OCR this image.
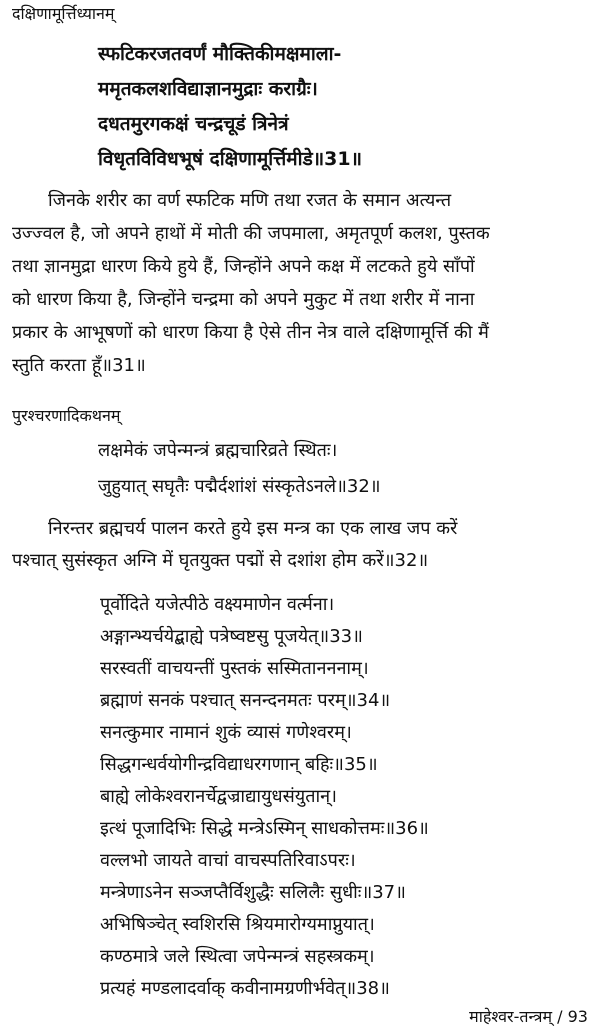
दक्षिणामूर्त्तिध्यानम्
स्फटिकरजतवर्णं मौक्तिकीमक्षमाला-
ममृतकलशविद्याज्ञानमुद्राः कराग्रैः।
दधतमुरगकक्षं चन्द्रचूडं त्रिनेत्रं
विधृतविविधभूषं दक्षिणामूर्त्तिमीडे॥31॥
जिनके शरीर का वर्ण स्फटिक मणि तथा रजत के समान अत्यन्त
उज्ज्वल है, जो अपने हाथों में मोती की जपमाला, अमृतपूर्ण कलश, पुस्तक
तथा ज्ञानमुद्रा धारण किये हुये हैं, जिन्होंने अपने कक्ष में लटकते हुये साँपों
को धारण किया है, जिन्होंने चन्द्रमा को अपने मुकुट में तथा शरीर में नाना
प्रकार के आभूषणों को धारण किया है ऐसे तीन नेत्र वाले दक्षिणामूर्त्ति की मैं
स्तुति करता हूँ॥31॥
पुरश्चरणादिकथनम्
लक्षमेकं जपेन्मन्त्रं ब्रह्मचारिव्रते स्थितः।
जुहुयात् सघृतैः पद्मैर्दशांशं संस्कृतेऽनले॥32॥
निरन्तर ब्रह्मचर्य पालन करते हुये इस मन्त्र का एक लाख जप करें
पश्चात् सुसंस्कृत अग्नि में घृतयुक्त पद्मों से दशांश होम करें॥32॥
पूर्वोदिते यजेत्पीठे वक्ष्यमाणेन वर्त्मना।
अङ्गान्भ्यर्चयेद्बाह्ये पत्रेष्वष्टसु पूजयेत्॥33॥
सरस्वतीं वाचयन्तीं पुस्तकं सस्मितानननाम्।
ब्रह्माणं सनकं पश्चात् सनन्दनमतः परम्॥34॥
सनत्कुमार नामानं शुकं व्यासं गणेश्वरम्।
सिद्धगन्धर्वयोगीन्द्रविद्याधरगणान् बहिः॥35॥
बाह्ये लोकेश्वरानर्चेद्वज्राद्यायुधसंयुतान्।
इत्थं पूजादिभिः सिद्धे मन्त्रेऽस्मिन् साधकोत्तमः॥36॥
वल्लभो जायते वाचां वाचस्पतिरिवाऽपरः।
मन्त्रेणाऽनेन सञ्जप्तैर्विशुद्धैः सलिलैः सुधीः॥37॥
अभिषिञ्चेत् स्वशिरसि श्रियमारोग्यमाप्नुयात्।
कण्ठमात्रे जले स्थित्वा जपेन्मन्त्रं सहस्त्रकम्।
प्रत्यहं मण्डलादर्वाक् कवीनामग्रणीर्भवेत्॥38॥
माहेश्वर-तन्त्रम् / 93
